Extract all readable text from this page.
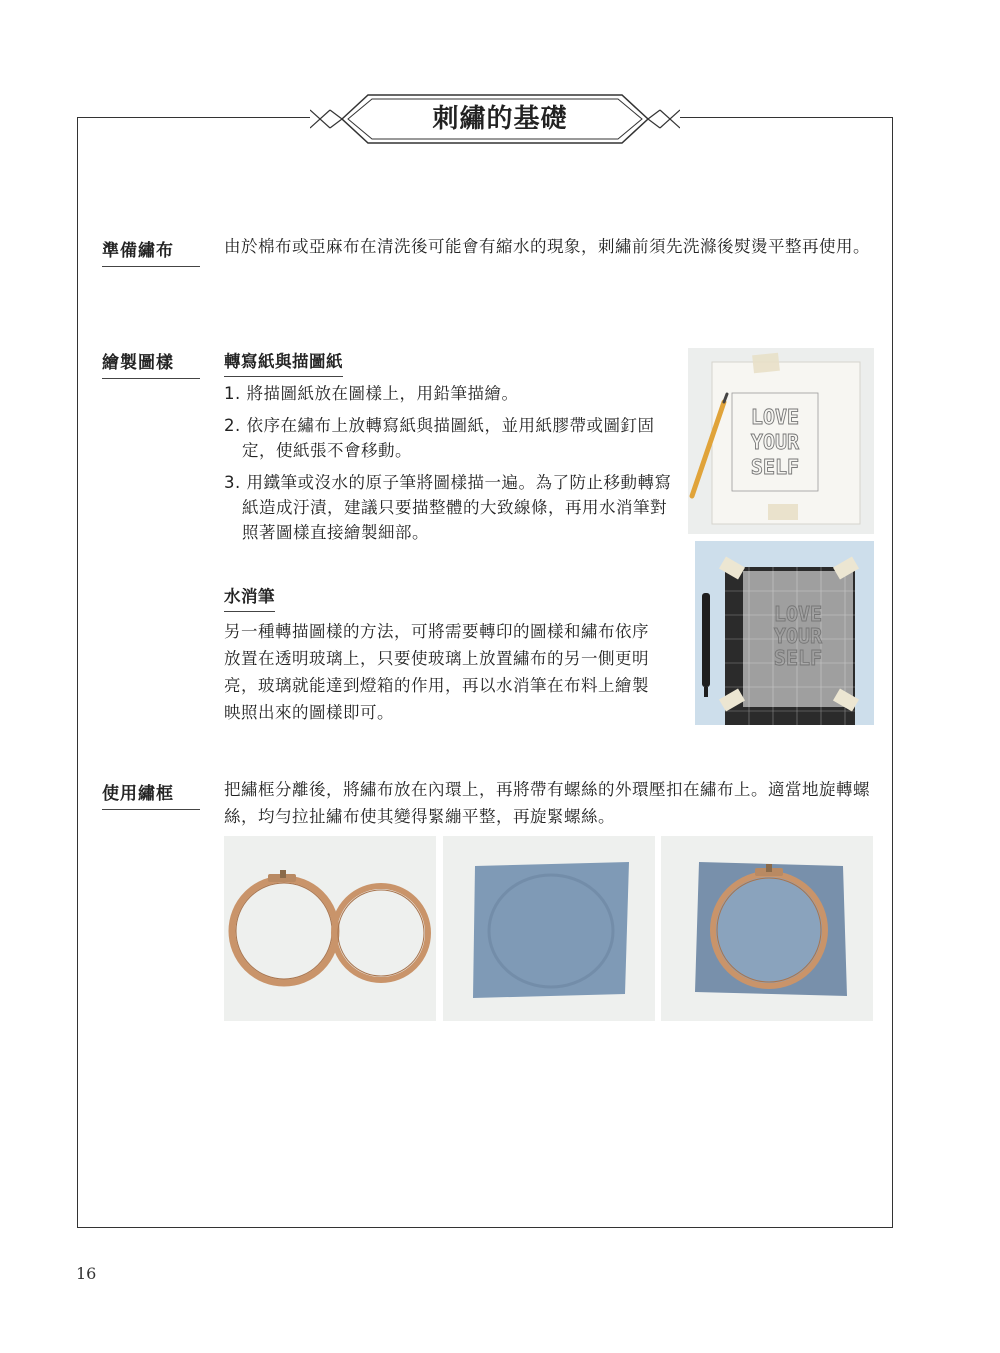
刺繡的基礎
準備繡布	由於棉布或亞麻布在清洗後可能會有縮水的現象，刺繡前須先洗滌後熨燙平整再使用。
繪製圖樣	轉寫紙與描圖紙
1. 將描圖紙放在圖樣上，用鉛筆描繪。
2. 依序在繡布上放轉寫紙與描圖紙，並用紙膠帶或圖釘固定，使紙張不會移動。
3. 用鐵筆或沒水的原子筆將圖樣描一遍。為了防止移動轉寫紙造成汙漬，建議只要描整體的大致線條，再用水消筆對照著圖樣直接繪製細部。
水消筆
另一種轉描圖樣的方法，可將需要轉印的圖樣和繡布依序放置在透明玻璃上，只要使玻璃上放置繡布的另一側更明亮，玻璃就能達到燈箱的作用，再以水消筆在布料上繪製映照出來的圖樣即可。
LOVE
YOUR
SELF
LOVE
YOUR
SELF
使用繡框	把繡框分離後，將繡布放在內環上，再將帶有螺絲的外環壓扣在繡布上。適當地旋轉螺絲，均勻拉扯繡布使其變得緊繃平整，再旋緊螺絲。
16
